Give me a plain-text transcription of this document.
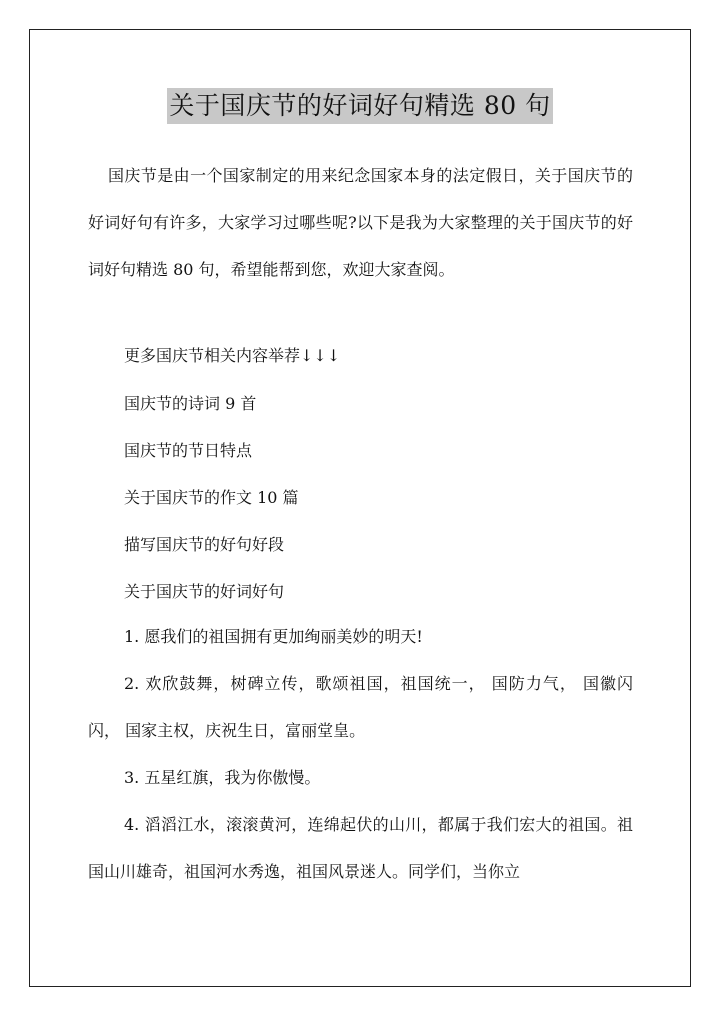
关于国庆节的好词好句精选 80 句

国庆节是由一个国家制定的用来纪念国家本身的法定假日，关于国庆节的好词好句有许多，大家学习过哪些呢?以下是我为大家整理的关于国庆节的好词好句精选 80 句，希望能帮到您，欢迎大家查阅。

更多国庆节相关内容举荐↓↓↓

国庆节的诗词 9 首

国庆节的节日特点

关于国庆节的作文 10 篇

描写国庆节的好句好段

关于国庆节的好词好句

1. 愿我们的祖国拥有更加绚丽美妙的明天!

2. 欢欣鼓舞，树碑立传，歌颂祖国，祖国统一， 国防力气， 国徽闪闪， 国家主权，庆祝生日，富丽堂皇。

3. 五星红旗，我为你傲慢。

4. 滔滔江水，滚滚黄河，连绵起伏的山川，都属于我们宏大的祖国。祖国山川雄奇，祖国河水秀逸，祖国风景迷人。同学们，当你立
